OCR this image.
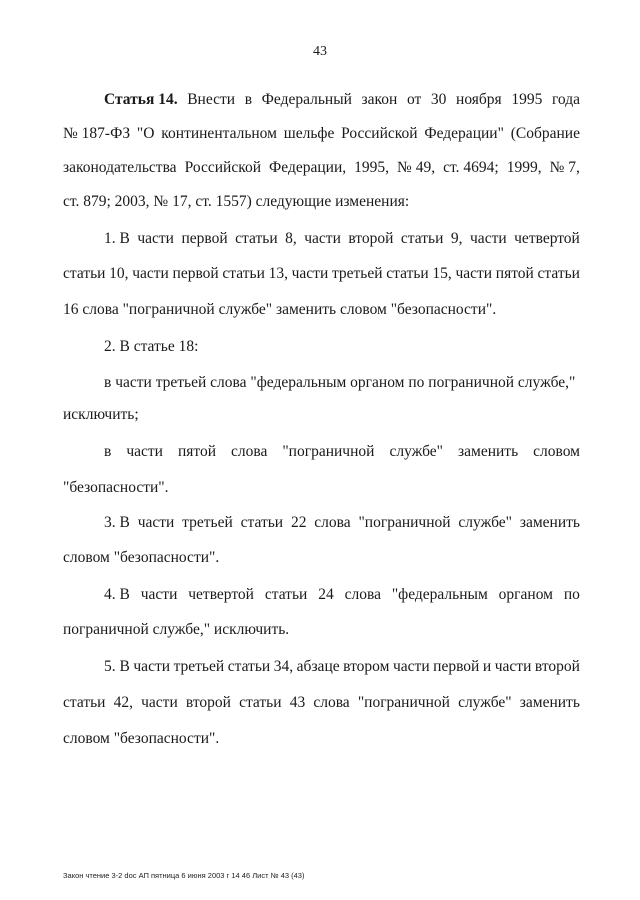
43
Статья 14. Внести в Федеральный закон от 30 ноября 1995 года
№ 187-ФЗ "О континентальном шельфе Российской Федерации" (Собрание
законодательства Российской Федерации, 1995, № 49, ст. 4694; 1999, № 7,
ст. 879; 2003, № 17, ст. 1557) следующие изменения:
1. В части первой статьи 8, части второй статьи 9, части четвертой
статьи 10, части первой статьи 13, части третьей статьи 15, части пятой статьи
16 слова "пограничной службе" заменить словом "безопасности".
2. В статье 18:
в части третьей слова "федеральным органом по пограничной службе,"
исключить;
в части пятой слова "пограничной службе" заменить словом
"безопасности".
3. В части третьей статьи 22 слова "пограничной службе" заменить
словом "безопасности".
4. В части четвертой статьи 24 слова "федеральным органом по
пограничной службе," исключить.
5. В части третьей статьи 34, абзаце втором части первой и части второй
статьи 42, части второй статьи 43 слова "пограничной службе" заменить
словом "безопасности".
Закон чтение 3-2 doc АП пятница 6 июня 2003 г 14 46 Лист № 43 (43)
